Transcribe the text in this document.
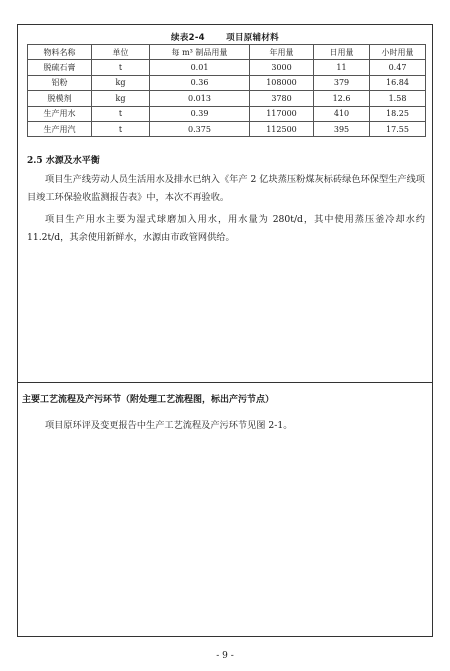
续表2-4	项目原辅材料
物料名称	单位	每 m³ 制品用量	年用量	日用量	小时用量
脱硫石膏	t	0.01	3000	11	0.47
铝粉	kg	0.36	108000	379	16.84
脱模剂	kg	0.013	3780	12.6	1.58
生产用水	t	0.39	117000	410	18.25
生产用汽	t	0.375	112500	395	17.55
2.5 水源及水平衡

项目生产线劳动人员生活用水及排水已纳入《年产 2 亿块蒸压粉煤灰标砖绿色环保型生产线项目竣工环保验收监测报告表》中，本次不再验收。

项目生产用水主要为湿式球磨加入用水，用水量为 280t/d，其中使用蒸压釜冷却水约 11.2t/d，其余使用新鲜水，水源由市政管网供给。

主要工艺流程及产污环节（附处理工艺流程图，标出产污节点）

项目原环评及变更报告中生产工艺流程及产污环节见图 2-1。

- 9 -
